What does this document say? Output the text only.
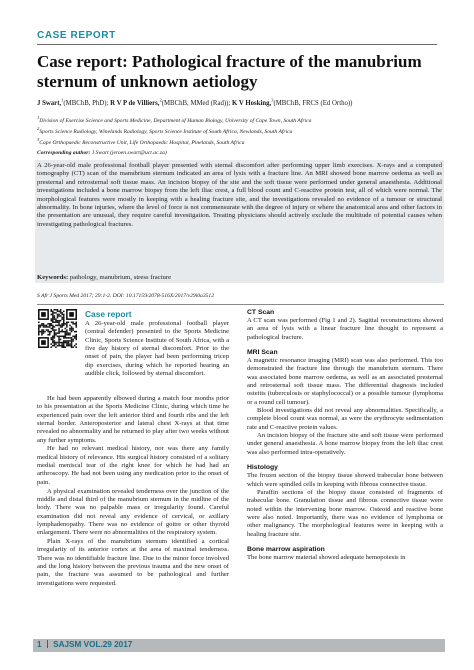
CASE REPORT
Case report: Pathological fracture of the manubrium sternum of unknown aetiology
J Swart,$^1$(MBChB, PhD); R V P de Villiers,$^2$(MBChB, MMed (Rad)); K V Hosking,$^3$(MBChB, FRCS (Ed Ortho))
$^1$Division of Exercise Science and Sports Medicine, Department of Human Biology, University of Cape Town, South Africa
$^2$Sports Science Radiology, Winelands Radiology, Sports Science Institute of South Africa, Newlands, South Africa
$^3$Cape Orthopaedic Reconstructive Unit, Life Orthopaedic Hospital, Pinelands, South Africa
Corresponding author: J Swart (jeroen.swart@uct.ac.za)
A 26-year-old male professional football player presented with sternal discomfort after performing upper limb exercises. X-rays and a computed tomography (CT) scan of the manubrium sternum indicated an area of lysis with a fracture line. An MRI showed bone marrow oedema as well as presternal and retrosternal soft tissue mass. An incision biopsy of the site and the soft tissue were performed under general anaesthesia. Additional investigations included a bone marrow biopsy from the left iliac crest, a full blood count and C-reactive protein test, all of which were normal. The morphological features were mostly in keeping with a healing fracture site, and the investigations revealed no evidence of a tumour or structural abnormality. In bone injuries, where the level of force is not commensurate with the degree of injury or where the anatomical area and other factors in the presentation are unusual, they require careful investigation. Treating physicians should actively exclude the multitude of potential causes when investigating pathological fractures.
Keywords: pathology, manubrium, stress fracture
S Afr J Sports Med 2017; 29:1-2. DOI: 10.17159/2078-516X/2017/v29i0a3512
Case report
A 26-year-old male professional football player (central defender) presented to the Sports Medicine Clinic, Sports Science Institute of South Africa, with a five day history of sternal discomfort. Prior to the onset of pain, the player had been performing tricep dip exercises, during which he reported hearing an audible click, followed by sternal discomfort.

He had been apparently elbowed during a match four months prior to his presentation at the Sports Medicine Clinic, during which time he experienced pain over the left anterior third and fourth ribs and the left sternal border. Anteroposterior and lateral chest X-rays at that time revealed no abnormality and he returned to play after two weeks without any further symptoms.

He had no relevant medical history, nor was there any family medical history of relevance. His surgical history consisted of a solitary medial meniscal tear of the right knee for which he had had an arthroscopy. He had not been using any medication prior to the onset of pain.

A physical examination revealed tenderness over the junction of the middle and distal third of the manubrium sternum in the midline of the body. There was no palpable mass or irregularity found. Careful examination did not reveal any evidence of cervical, or axillary lymphadenopathy. There was no evidence of goitre or other thyroid enlargement. There were no abnormalities of the respiratory system.

Plain X-rays of the manubrium sternum identified a cortical irregularity of its anterior cortex at the area of maximal tenderness. There was no identifiable fracture line. Due to the minor force involved and the long history between the previous trauma and the new onset of pain, the fracture was assumed to be pathological and further investigations were requested.

CT Scan

A CT scan was performed (Fig 1 and 2). Sagittal reconstructions showed an area of lysis with a linear fracture line thought to represent a pathological fracture.

MRI Scan

A magnetic resonance imaging (MRI) scan was also performed. This too demonstrated the fracture line through the manubrium sternum. There was associated bone marrow oedema, as well as an associated presternal and retrosternal soft tissue mass. The differential diagnosis included osteitis (tuberculosis or staphylococcal) or a possible tumour (lymphoma or a round cell tumour).

Blood investigations did not reveal any abnormalities. Specifically, a complete blood count was normal, as were the erythrocyte sedimentation rate and C-reactive protein values.

An incision biopsy of the fracture site and soft tissue were performed under general anaesthesia. A bone marrow biopsy from the left iliac crest was also performed intra-operatively.

Histology

The frozen section of the biopsy tissue showed trabecular bone between which were spindled cells in keeping with fibrous connective tissue.

Paraffin sections of the biopsy tissue consisted of fragments of trabecular bone. Granulation tissue and fibrous connective tissue were noted within the intervening bone marrow. Osteoid and reactive bone were also noted. Importantly, there was no evidence of lymphoma or other malignancy. The morphological features were in keeping with a healing fracture site.

Bone marrow aspiration

The bone marrow material showed adequate hemopoiesis in

1 SAJSM VOL.29 2017
